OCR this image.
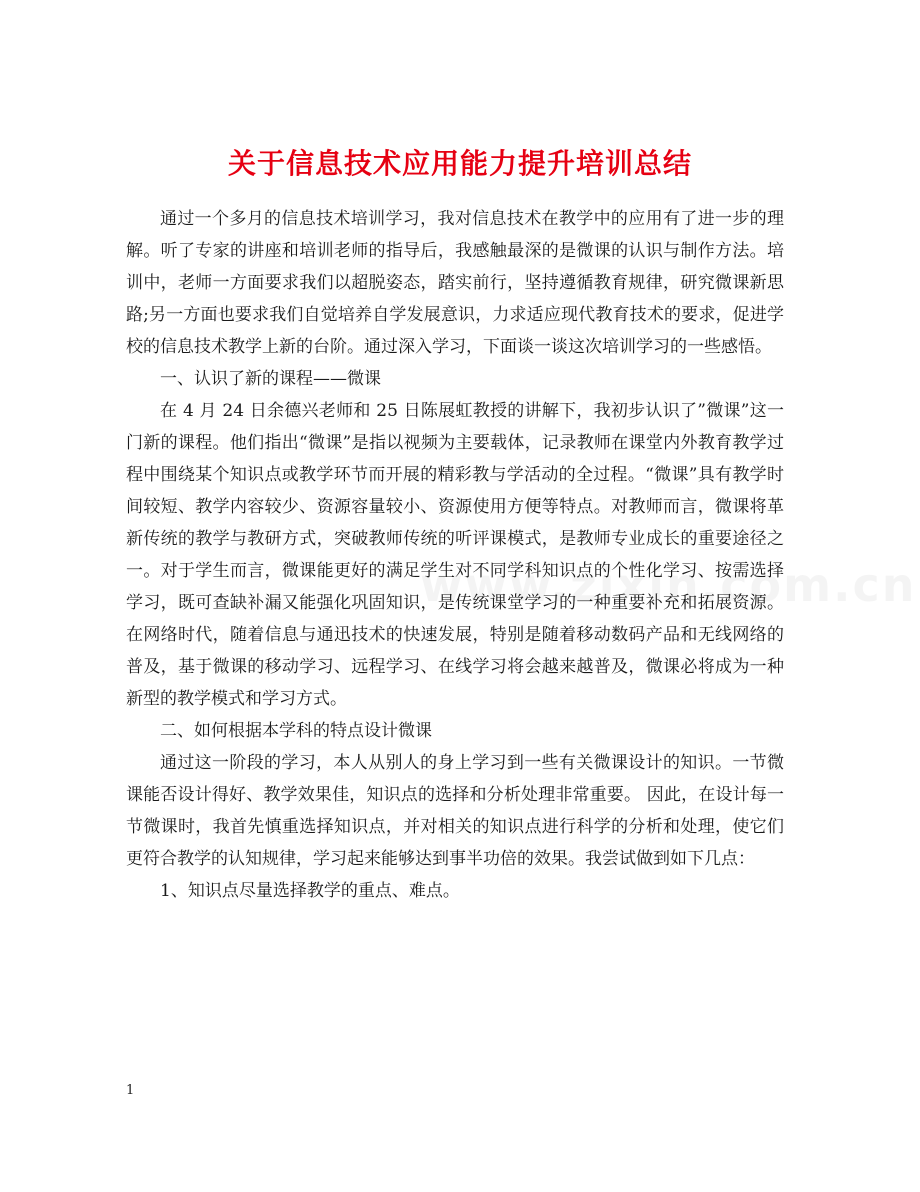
关于信息技术应用能力提升培训总结

通过一个多月的信息技术培训学习，我对信息技术在教学中的应用有了进一步的理解。听了专家的讲座和培训老师的指导后，我感触最深的是微课的认识与制作方法。培训中，老师一方面要求我们以超脱姿态，踏实前行，坚持遵循教育规律，研究微课新思路;另一方面也要求我们自觉培养自学发展意识，力求适应现代教育技术的要求，促进学校的信息技术教学上新的台阶。通过深入学习，下面谈一谈这次培训学习的一些感悟。

一、认识了新的课程——微课

在 4 月 24 日余德兴老师和 25 日陈展虹教授的讲解下，我初步认识了”微课”这一门新的课程。他们指出“微课”是指以视频为主要载体，记录教师在课堂内外教育教学过程中围绕某个知识点或教学环节而开展的精彩教与学活动的全过程。“微课”具有教学时间较短、教学内容较少、资源容量较小、资源使用方便等特点。对教师而言，微课将革新传统的教学与教研方式，突破教师传统的听评课模式，是教师专业成长的重要途径之一。对于学生而言，微课能更好的满足学生对不同学科知识点的个性化学习、按需选择学习，既可查缺补漏又能强化巩固知识，是传统课堂学习的一种重要补充和拓展资源。在网络时代，随着信息与通迅技术的快速发展，特别是随着移动数码产品和无线网络的普及，基于微课的移动学习、远程学习、在线学习将会越来越普及，微课必将成为一种新型的教学模式和学习方式。

二、如何根据本学科的特点设计微课

通过这一阶段的学习，本人从别人的身上学习到一些有关微课设计的知识。一节微课能否设计得好、教学效果佳，知识点的选择和分析处理非常重要。 因此，在设计每一节微课时，我首先慎重选择知识点，并对相关的知识点进行科学的分析和处理，使它们更符合教学的认知规律，学习起来能够达到事半功倍的效果。我尝试做到如下几点：

1、知识点尽量选择教学的重点、难点。

1
